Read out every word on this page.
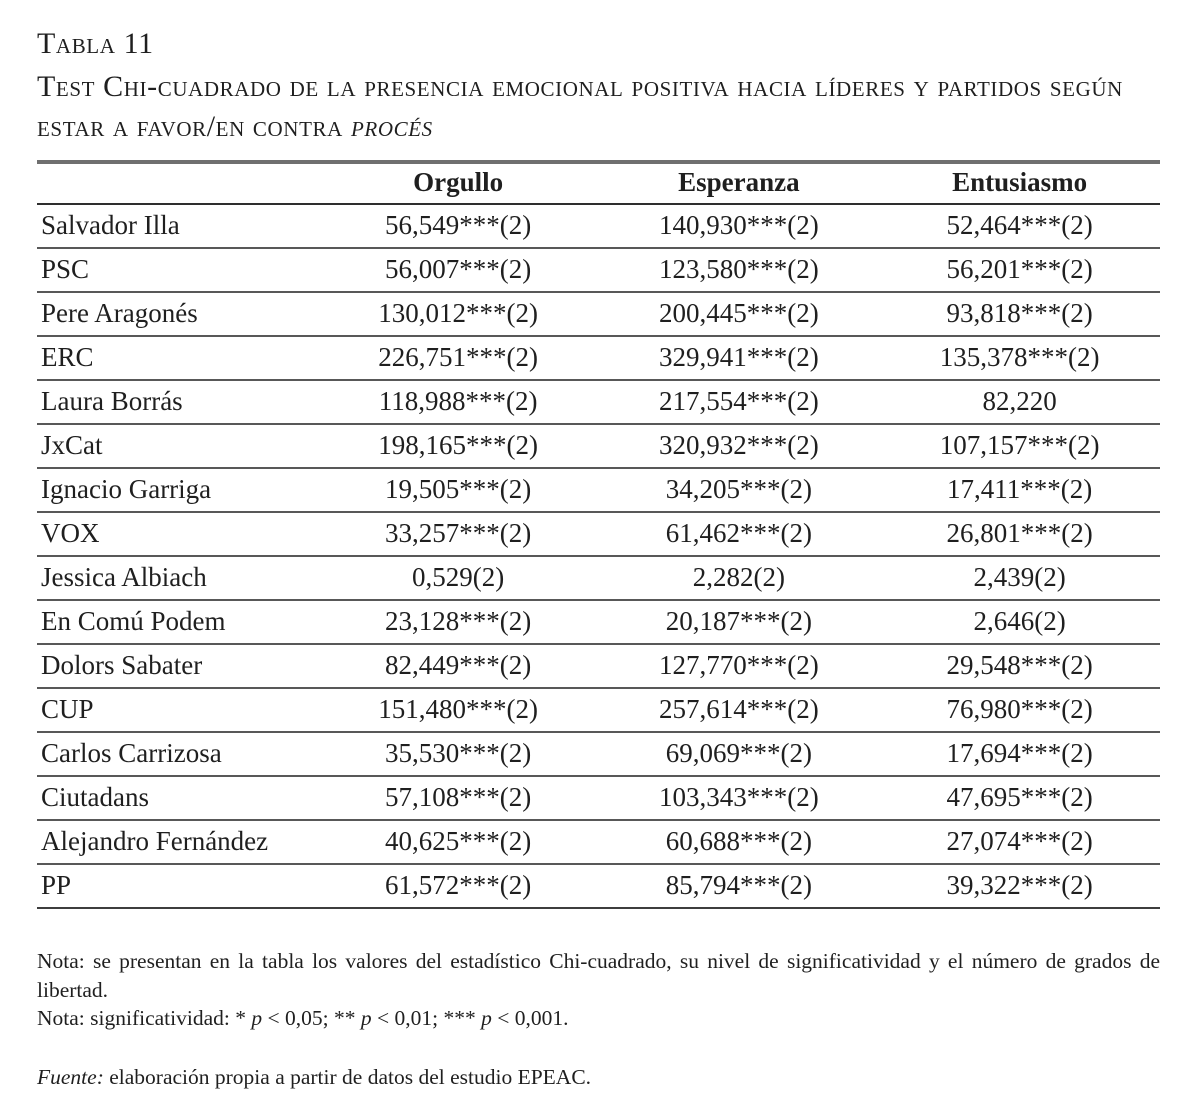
Tabla 11
Test Chi-cuadrado de la presencia emocional positiva hacia líderes y partidos según estar a favor/en contra procés
	Orgullo	Esperanza	Entusiasmo
Salvador Illa	56,549***(2)	140,930***(2)	52,464***(2)
PSC	56,007***(2)	123,580***(2)	56,201***(2)
Pere Aragonés	130,012***(2)	200,445***(2)	93,818***(2)
ERC	226,751***(2)	329,941***(2)	135,378***(2)
Laura Borrás	118,988***(2)	217,554***(2)	82,220
JxCat	198,165***(2)	320,932***(2)	107,157***(2)
Ignacio Garriga	19,505***(2)	34,205***(2)	17,411***(2)
VOX	33,257***(2)	61,462***(2)	26,801***(2)
Jessica Albiach	0,529(2)	2,282(2)	2,439(2)
En Comú Podem	23,128***(2)	20,187***(2)	2,646(2)
Dolors Sabater	82,449***(2)	127,770***(2)	29,548***(2)
CUP	151,480***(2)	257,614***(2)	76,980***(2)
Carlos Carrizosa	35,530***(2)	69,069***(2)	17,694***(2)
Ciutadans	57,108***(2)	103,343***(2)	47,695***(2)
Alejandro Fernández	40,625***(2)	60,688***(2)	27,074***(2)
PP	61,572***(2)	85,794***(2)	39,322***(2)

Nota: se presentan en la tabla los valores del estadístico Chi-cuadrado, su nivel de significatividad y el número de grados de libertad.

Nota: significatividad: * p < 0,05; ** p < 0,01; *** p < 0,001.

Fuente: elaboración propia a partir de datos del estudio EPEAC.
